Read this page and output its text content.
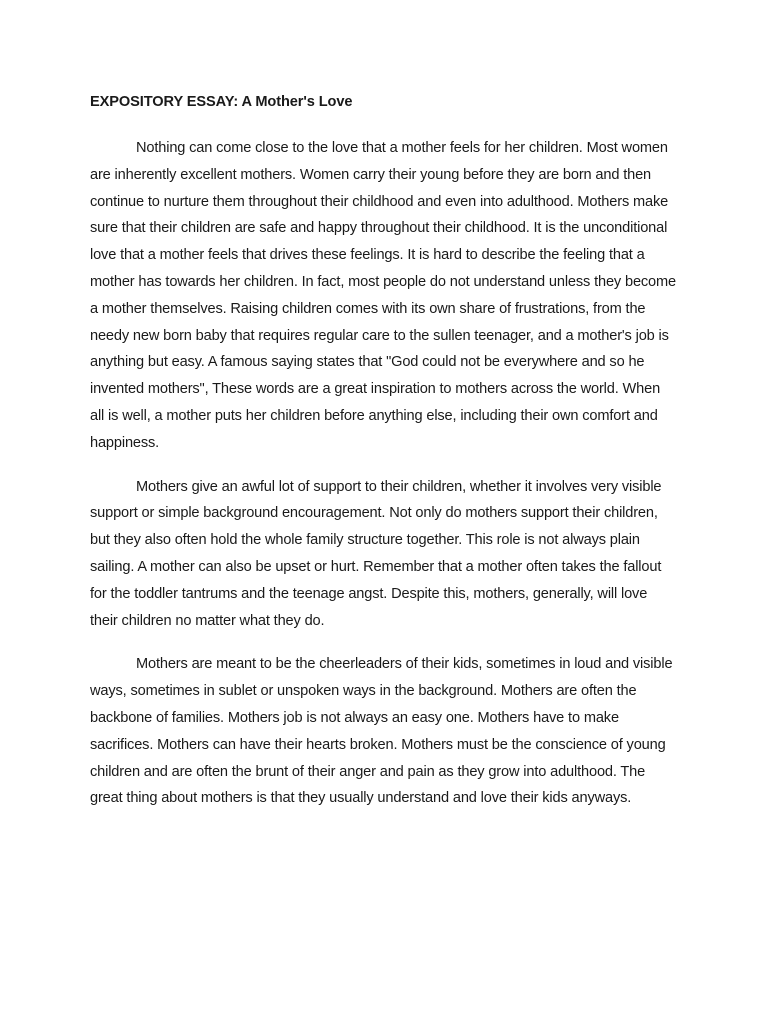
EXPOSITORY ESSAY: A Mother's Love

Nothing can come close to the love that a mother feels for her children. Most women are inherently excellent mothers. Women carry their young before they are born and then continue to nurture them throughout their childhood and even into adulthood. Mothers make sure that their children are safe and happy throughout their childhood. It is the unconditional love that a mother feels that drives these feelings. It is hard to describe the feeling that a mother has towards her children. In fact, most people do not understand unless they become a mother themselves. Raising children comes with its own share of frustrations, from the needy new born baby that requires regular care to the sullen teenager, and a mother's job is anything but easy. A famous saying states that "God could not be everywhere and so he invented mothers", These words are a great inspiration to mothers across the world. When all is well, a mother puts her children before anything else, including their own comfort and happiness.

Mothers give an awful lot of support to their children, whether it involves very visible support or simple background encouragement. Not only do mothers support their children, but they also often hold the whole family structure together. This role is not always plain sailing. A mother can also be upset or hurt. Remember that a mother often takes the fallout for the toddler tantrums and the teenage angst. Despite this, mothers, generally, will love their children no matter what they do.

Mothers are meant to be the cheerleaders of their kids, sometimes in loud and visible ways, sometimes in sublet or unspoken ways in the background. Mothers are often the backbone of families. Mothers job is not always an easy one. Mothers have to make sacrifices. Mothers can have their hearts broken. Mothers must be the conscience of young children and are often the brunt of their anger and pain as they grow into adulthood. The great thing about mothers is that they usually understand and love their kids anyways.
